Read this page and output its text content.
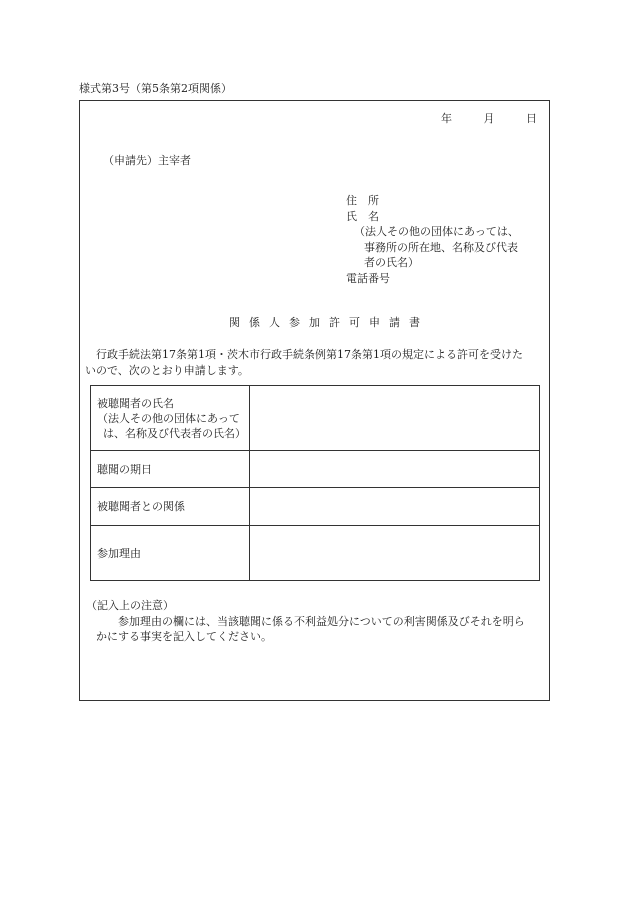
様式第3号（第5条第2項関係）
年	月	日
（申請先）主宰者
住　所
氏　名
（法人その他の団体にあっては、
事務所の所在地、名称及び代表
者の氏名）
電話番号
関係人参加許可申請書
行政手続法第17条第1項・茨木市行政手続条例第17条第1項の規定による許可を受けた
いので、次のとおり申請します。
被聴聞者の氏名
（法人その他の団体にあって
は、名称及び代表者の氏名）	

聴聞の期日	
被聴聞者との関係	
参加理由	
（記入上の注意）
参加理由の欄には、当該聴聞に係る不利益処分についての利害関係及びそれを明ら
かにする事実を記入してください。
